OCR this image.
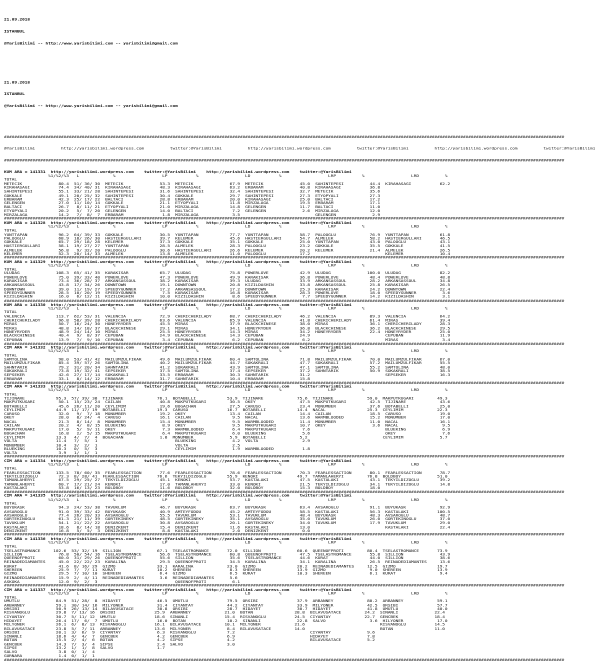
21.09.2018

ISTANBUL

@YarisBilimi -- http://www.yarisbilimi.com -- yarisbilimi@gmail.com

21.09.2018

ISTANBUL

@YarisBilimi -- http://www.yarisbilimi.com -- yarisbilimi@gmail.com

########################################################################################################################################################################################################################

@YarisBilimi          http://yarisbilimi.wordpress.com          twitter:@YarisBilimi          http://yarisbilimi.wordpress.com          twitter:@YarisBilimi          http://yarisbilimi.wordpress.com          twitter:@YarisBilimi

########################################################################################################################################################################################################################

KUM ARA = 141331  http://yarisbilimi.wordpress.com    twitter:@YarisBilimi    http://yarisbilimi.wordpress.com    twitter:@YarisBilimi
%1/%2/%3   L             %                  LP           %                  LD           %                  LRP          %                  LRD          %
TOTAL
METECIK              80.4  51/ 36/ 30  METECIK              53.3  METECIK              67.9  METECIK              45.0  SAHINTEPESI          44.4  KIRAHASAGI           62.2
KIRAHASAGI           74.4  34/ 40/ 31  KIRAHASAGI           48.3  KIRAHASAGI           63.2  ERBARAM              40.8  KIRAHASAGI           36.8
SAHINTEPESI          55.1  33/ 21/ 28  SAHINTEPESI          31.6  SAHINTEPESI          32.4  SAHINTEPESI          32.7  METECIK              35.6
GOKKALE              49.1  20/ 25/ 32  SAHINTEPESI          30.4  GOKKALE              29.7  SAHINTEPESI          27.3  ETYOPYALI            27.3
ERBARAM              42.3  25/ 17/ 22  BALTACI              28.8  ERBARAM              20.0  KIRAHASAGI           25.0  BALTACI              17.2
GELENGEN             27.0  11/ 10/ 14  GOKKALE              21.1  ETYOPYALI            11.8  MIRZALAGA            19.5  ERBARAM              17.1
BALTACI              26.7   8/ 11/ 21  ETYOPYALI            21.0  MIRZALAGA            14.8  GELENGEN             11.7  BALTACI              11.0
ETYOPYALI            20.2   5/  7/ 20  GELENGEN             14.0  BALTACI               7.2  GELENGEN              2.6  MIRZALAGA            12.0
MIRZALAGA            14.2   7/  8/  7  ERBARAM               1.8  MIRZALAGA             3.5                             GELENGEN              2.9
########################################################################################################################################################################################################################
KUM ARA = 141328  http://yarisbilimi.wordpress.com    twitter:@YarisBilimi    http://yarisbilimi.wordpress.com    twitter:@YarisBilimi
%1/%2/%3   L             %                  LP           %                  LD           %                  LRP          %                  LRD          %
TOTAL
YUNTTAPAN            96.2  64/ 39/ 33  GOKKALE              30.5  YUNTTAPAN            77.7  YUNTTAPAN            58.7  PALOOGLU             76.9  YUNTTAPAN            61.8
PALOOGLU             68.9  18/ 26/ 30  HASTIERGULLARI       39.7  KELEMER              45.6  HASTIERGULLARI       54.7  ALMELEK              58.2  HASTIERGULLARI       46.5
GOKKALE              65.7  29/ 18/ 28  KELEMER              37.3  GOKKALE              35.1  GOKKALE              25.0  YUNTTAPAN            43.0  PALOOGLU             43.1
HASTIERGULLARI       58.1  19/ 27/ 27  YUNTTAPAN            28.5  ALMELEK              28.3  PALOOGLU             23.2  GOKKALE              35.5  GOKKALE              41.5
ALMELEK              56.8   9/ 32/ 20  PALOOGLU             30.6  HASTIERGULLARI       26.6  KELEMER              20.2  KELEMER              21.4  ALMELEK              26.5
KELEMER              52.3  20/ 14/ 33  ALMELEK              13.8  ALMELEK              11.0  PALOOGLU             17.2                             KELEMER              10.4
########################################################################################################################################################################################################################
KUM ARA = 141329  http://yarisbilimi.wordpress.com    twitter:@YarisBilimi    http://yarisbilimi.wordpress.com    twitter:@YarisBilimi
%1/%2/%3   L             %                  LP           %                  LD           %                  LRP          %                  LRD          %
TOTAL
ULUDAG              108.3  65/ 41/ 35  KARAKISAR            65.7  ULUDAG               75.8  POWERLOVE            42.9  ULUDAG              100.0  ULUDAG               82.2
POWERLOVE            75.0  39/ 33/ 40  POWERLOVE            47.3  POWERLOVE            49.9  KARAKISAR            36.8  POWERLOVE            48.4  POWERLOVE            48.8
KARAKISAR            73.4  36/ 28/ 37  ARKANSASSOUL         38.2  KARAKISAR            39.3  ULUDAG               33.9  ARKANSASSOUL         28.2  ARKANSASSOUL         34.8
ARKANSASSOUL         43.8  17/ 34/ 26  DOWNTOWN             19.1  DOWNTOWN             20.8  KIZILDASHIN          33.8  ARKANSASSOUL         25.8  KARAKISAR            26.5
DOWNTOWN             39.0  11/ 19/ 27  SPEEDYGUNNER         17.2  ARKANSASSOUL         17.2  DOWNTOWN             25.3  KARAKISAR            24.2  DOWNTOWN             22.4
SPEEDYGUNNER         28.5  10/ 20/ 19  SPEEDYGUNNER          7.5  KARAKISAR            16.8  KARAKISAR            28.3  POWERLOVE            18.0  SPEEDYGUNNER          3.6
KIZILDASHIN          16.0   6/ 12/ 11  KIZILDASHIN          10.0  KIZILDASHIN           8.6  SPEEDYGUNNER          7.7  SPEEDYGUNNER         14.2  KIZILDASHIN           3.1
########################################################################################################################################################################################################################
KUM ARA = 141330  http://yarisbilimi.wordpress.com    twitter:@YarisBilimi    http://yarisbilimi.wordpress.com    twitter:@YarisBilimi
%1/%2/%3   L             %                  LP           %                  LD           %                  LRP          %                  LRD          %
TOTAL
VALENCIA            113.7  62/ 53/ 31  VALENCIA             72.9  CHERICHERILADY       68.7  CHERICHERILADY       46.2  VALENCIA             89.3  VALENCIA             64.2
CHERICHERILADY       96.8  58/ 39/ 28  CHERICHERILADY       63.6  VALENCIA             65.9  VALENCIA             41.8  CHERICHERILADY       61.4  MIRAS                39.4
MIRAS                50.7  16/ 24/ 30  HONEYRYDER           45.5  MIRAS                37.9  BLACKCHINESE         38.0  MIRAS                36.1  CHERICHERILADY       28.3
MIRAS                48.8  14/ 18/ 37  BLACKCHINESE         29.1  MIRAS                34.1  HONEYRYDER           36.8  BLACKCHINESE         36.2  BLACKCHINESE         29.5
HONEYRYDER           48.9  24/ 14/ 10  MIRAS                25.5  HONEYRYDER           14.3  MIRAS                34.2  HONEYRYDER           22.4  HONEYRYDER           25.0
BLACKCHINESE         40.4   9/  8/ 37  CEPUBAN              24.9  BLACKCHINESE         14.3  CEPUBAN              24.9                             CEPUBAN              11.9
CEPUBAN              13.9   7/  9/ 10  CEPUBAN               3.4  CEPUBAN               6.2  CEPUBAN               6.2                             MIRAS                 3.4
########################################################################################################################################################################################################################
CIM ARA = 141332  http://yarisbilimi.wordpress.com    twitter:@YarisBilimi    http://yarisbilimi.wordpress.com    twitter:@YarisBilimi
%1/%2/%3   L             %                  LP           %                  LD           %                  LRP          %                  LRD          %
TOTAL
SAMTOLINA            98.0  53/ 41/ 42  MAILUMZULFIKAR       49.6  MAILUMZULFIKAR       60.4  SAMTOLINA            71.8  MAILUMZULFIKAR       70.0  MAILUMZULFIKAR       67.0
MAILUMZULFIKAR       85.4  39/ 57/ 26  SAMTOLINA            40.2  MAILUMZULFIKAR       44.7  SOKAKRALI            47.7  SOKAKRALI            57.2  MAILUMZULFIKAR       55.5
SAHNTARIK            79.2  31/ 20/ 34  SAHNTARIK            41.2  SOKAKRALI            43.9  SAMTOLINA            47.1  SAMTOLINA            55.2  SAMTOLINA            48.0
SOKAKRALI            73.8  19/ 32/ 41  SEPSEKER             37.5  SAMTOLINA            37.4  SEPSEKER             37.2  SAHNTARIK            50.9  SOKAKRALI            38.5
SEPSEKER             42.6  27/ 17/ 14  SOKAKRALI            33.5  ERBARAM              30.3  SAHNTARIK            31.2                             SEPSEKER             16.3
ERBARAM              33.1   8/ 14/ 12  ERBARAM              31.7  SAHNTARIK            10.4  ERBARAM              15.8
########################################################################################################################################################################################################################
CIM ARA = 141333  http://yarisbilimi.wordpress.com    twitter:@YarisBilimi    http://yarisbilimi.wordpress.com    twitter:@YarisBilimi
%1/%2/%3   L             %                  LP           %                  LD           %                  LRP          %                  LRD          %
TOTAL
TIJINARE            95.3  57/ 39/ 38  TIJINARE             76.1  BOTABELLI            53.9  TIJINARE             75.6  TIJINARE             59.0  MAKPUTKUGARI         49.3
MAKPUTKUGARI         50.1  15/ 23/ 24  CAILAN               40.8  MAKPUTKUGARI         30.5  OKEY                 47.5  MAKPUTKUGARI         42.5  TIJINARE             43.6
BOTABELLI            45.6  26/ 11/ 20  CEYLIMIM             19.6  BOGACHAN             27.5  CARUSO               23.4  MONUMBER             37.6  BOTABELLI            25.0
CEYLIMIM            44.9  11/ 17/ 19  BOTABELLI            19.3  CARUSO               16.7  BOTABELLI            14.4  NACAL                25.3  CEYLIMIM             22.3
CARUSO               32.0   9/  7/ 18  MONUMBER             19.2  OKEY                 13.4  CAILAN               14.4  CAILAN               18.5  CARUSO               19.0
OKEY                 28.0   8/ 24/  4  CARUSO               16.1  CAILAN                9.5  NACAL                13.6  WARMBLOODED          15.2  MONUMBER             17.0
NACAL                21.3   8/ 14/  8  MONUMBER             15.4  MONUMBER              9.5  WARMBLOODED          11.4  MONUMBER             11.0  NACAL                16.1
CAILAN               20.2   4/  8/ 15  BLUEKING              8.9  OKEY                  9.5  MAKPUTKUGARI         10.7  OKEY                  3.6  NACAL                 9.5
MAKPUTKUGARI         17.0   5/  9/ 11  OKEY                  7.3  WARMBLOODED           6.4  MAKPUTKUGARI          7.6                             BLUEKING              6.9
BOGACHAN             16.8   2/  5/ 15  MAKPUTKUGARI          6.4  MAKPUTKUGARI          6.0  BLUEKING              5.6                             OKEY                  7.6
CEYLIMIM            13.3   4/  7/  4  BOGACHAN              1.8  MONUMBER              5.9  BOTABELLI             5.2                             CEYLIMIM              5.7
VOLTA               11.4   7/  5/  1                              BLUEKING              4.2  VOLTA                 2.9
MONUMBER            10.4   3/  2/  1                              VOLTA                 2.5
BLUEKING            10.3   0/  5/  3                              CEYLIMIM              1.9  WARMBLOODED           1.8
VOLTA                3.9   1/  1/  1
########################################################################################################################################################################################################################
CIM ARA = 141334  http://yarisbilimi.wordpress.com    twitter:@YarisBilimi    http://yarisbilimi.wordpress.com    twitter:@YarisBilimi
%1/%2/%3   L             %                  LP           %                  LD           %                  LRP          %                  LRD          %
TOTAL
FEARLESSACTION      133.5  78/ 60/ 35  FEARLESSACTION       77.6  FEARLESSACTION       78.6  FEARLESSACTION       70.3  FEARLESSACTION       80.1  FEARLESSACTION       78.7
TEKYILDIZOGLU        72.3  8/ 28/ 41  FEARLESSACTION       76.6  TEKYILDIZOGLU        55.9  KENOKI               49.7  TAMANLAHERYI         76.8  BOLDBOY              51.0
TAMANLAHERYI         67.5  29/ 25/ 27  TEKYILDIZOGLU        45.1  KENOKI               53.7  KASTALAKI            47.5  KASTALAKI            43.1  TEKYILDIZOGLU        39.2
TAMANLAHERYI         60.7  17/ 21/ 24  KENOKI               17.0  TAMANLAHERYI         33.0  KENOKI               21.5  TEKYILDIZOGLU        34.1  TEKYILDIZOGLU        14.8
KASTALAKI            53.8  16/ 13/ 23  BOLDBOY              11.6  BOLDBOY              32.0  BOLDBOY              15.3  BOLDBOY              18.0
########################################################################################################################################################################################################################
CIM ARA = 141335  http://yarisbilimi.wordpress.com    twitter:@YarisBilimi    http://yarisbilimi.wordpress.com    twitter:@YarisBilimi
%1/%2/%3   L             %                  LP           %                  LD           %                  LRP          %                  LRD          %
TOTAL
BUYUKASK             94.3  24/ 53/ 38  TAVUKLUM             46.7  BUYUKASK             63.7  BUYUKASK             63.4  AVSAROGLU            91.1  BUYUKASK             92.9
AVSAROGLU            91.0  39/ 33/ 42  BUYUKASK             40.9  AMTEYFODOU           45.2  AMTEYFODOU           58.5  KASTALAKI            56.3  KASTALAKI           100.5
AVSAROGLU            77.4  26/ 20/ 33  AVSAROGLU            55.5  TAVUKLUM             53.1  TAVUKLUM             48.4  BUYUKASK             48.3  AVSAROGLU            48.7
GORTEKINOGLU         61.3  21/ 11/ 39  GORTEKINEKY          48.5  GORTEKINEKY          35.1  AVSAROGLU            35.0  TAVUKLUM             26.0  GORTEKINOGLU         37.0
TAVUKLUM             54.1  21/ 22/ 22  AVSAROGLU            30.8  AVSAROGLU            20.1  GORTEKINEKY          34.0  TAVUKLUM             17.9  TAVUKLUM             29.0
KASTALAKI            18.6   8/ 14/ 18  DENIZKENT            15.4  DENIZKENT            11.6  KASTALAKI            13.0                             KASTALAKI            22.4
DENIZKENT            16.8   5/  5/  3  DENIZKENT             8.8  KASTALAKI             2.0  DENIZKENT             0.0
########################################################################################################################################################################################################################
CIM ARA = 141336  http://yarisbilimi.wordpress.com    twitter:@YarisBilimi    http://yarisbilimi.wordpress.com    twitter:@YarisBilimi
%1/%2/%3   L             %                  LP           %                  LD           %                  LRP          %                  LRD          %
TOTAL
TSELASTROMANCE     102.6  53/ 32/ 19  SILLION              67.1  TSELASTROMANCE       72.0  SILLION              60.6  QUEENOFPROTI         80.4  TSELASTROMANCE       73.9
SILLION              76.8  50/ 54/ 16  TSELASTROMANCE       56.6  TSELASTROMANCE       60.8  QUEENOFPROTI         47.5  TSELASTROMANCE       55.8  SILLION              43.9
QUEENOFPROTI         60.0  31/ 29/ 26  QUEENOFPROTI         55.6  SILLION              35.6  TSELASTROMANCE       44.6  KURAT                44.0  SILLION              38.6
REINADEDIAMANTES     45.0  22/ 22/ 23  KARALINA             29.5  QUEENOFPROTI         34.5  KARALINA             34.1  KARALINA             26.5  REINADEDIAMANTES     13.6
KURAT                41.6  8/ 16/ 29  GIZMO                33.1  KARALINA             23.0  GIZMO                20.2  REINADEDIAMANTES     12.5  GIZMO                19.7
SHEREEN              25.9  7/  7/ 11  KURAT                10.2  SHEREEN               8.3  SHEREEN              13.9  GIZMO                 9.0  SHEREEN              13.9
GIZMO                29.5  7/ 10/ 10  SHEREEN               6.4  GIZMO                 6.5  KURAT                10.3  SHEREEN               6.1  KURAT                 9.4
REINADEDIAMANTES     15.9  2/  4/ 11  REINADEDIAMANTES      3.6  REINADEDIAMANTES      5.6
ASKOKA               12.0  9/  2/  3                              QUEENOFPROTI          6.1
########################################################################################################################################################################################################################
CIM ARA = 141337  http://yarisbilimi.wordpress.com    twitter:@YarisBilimi    http://yarisbilimi.wordpress.com    twitter:@YarisBilimi
%1/%2/%3   L             %                  LP           %                  LD           %                  LRP          %                  LRD          %
TOTAL
UMUTLU              84.9  51/ 28/  8  HIDAYET              46.5  UMUTLU               79.5  ORSIBI               37.9  ARBANNEY             80.2  ARBANNEY             59.1
ARBANNEY            59.1  30/ 14/ 16  MILYONER             31.4  CIYANTAY             44.2  CIYANTAY             33.9  MILYONER             42.5  ORSIBI               57.7
ORSIBI              50.9  26/ 13/ 14  BILAVUSATACE         30.8  ORSIBI               28.7  HIDAYET              30.7  HIDAYET              41.8  UMUTLU               40.0
RISVANOGLU          29.8  7/ 13/ 16  ORSIBI               25.9  ARBANNEY             21.0  BOTAN                28.8  BILAVUSATACE         24.2  SINANLI              22.4
CIYANTAY            30.7  5/ 11/ 12  UMUTLU               18.6  SINANLI              15.4  RISVANOGLU           24.5  CIYANTAY             22.7  GENCBEK              18.4
HIDAYET             26.4  17/  6/  7  UMUTLU               16.0  BOTAN                10.2  SINANLI              22.8  SALVO                 3.6  HILYONER             17.0
MILYONER            26.1  6/  8/ 13  RISVANOGLU           16.1  BILAVUSATACE         10.1  MILYONER             21.6                             RISVANOGLU           14.5
BILAVUSATACE        23.8  5/  7/ 11  ARBANNEY             13.6  MILYONER              8.4  BILAVUSATACE         14.0                             BOTAN                11.0
ORSIBI              20.1  3/  6/  9  CIYANTAY              6.3  RISVANOGLU            7.2                             CIYANTAY              9.6
SINANLI             18.6  4/  4/  7  GENCBEK               4.2  GENCBEK               6.9                             HIDAYET               7.8
BOTAN               15.5  2/  4/  6  BOTAN                 4.2  SIPSE                 4.2                             BILAVUSATACE          5.2
GENCBEK             14.3  7/  3/  4  SIPSE                 2.4  SALVO                 3.0
SIPSE               13.2  1/  1/  8  SALVO                 1.7
SALVO                3.8  0/  1/  4
GURNARA              1.4  0/  1/  1
########################################################################################################################################################################################################################
